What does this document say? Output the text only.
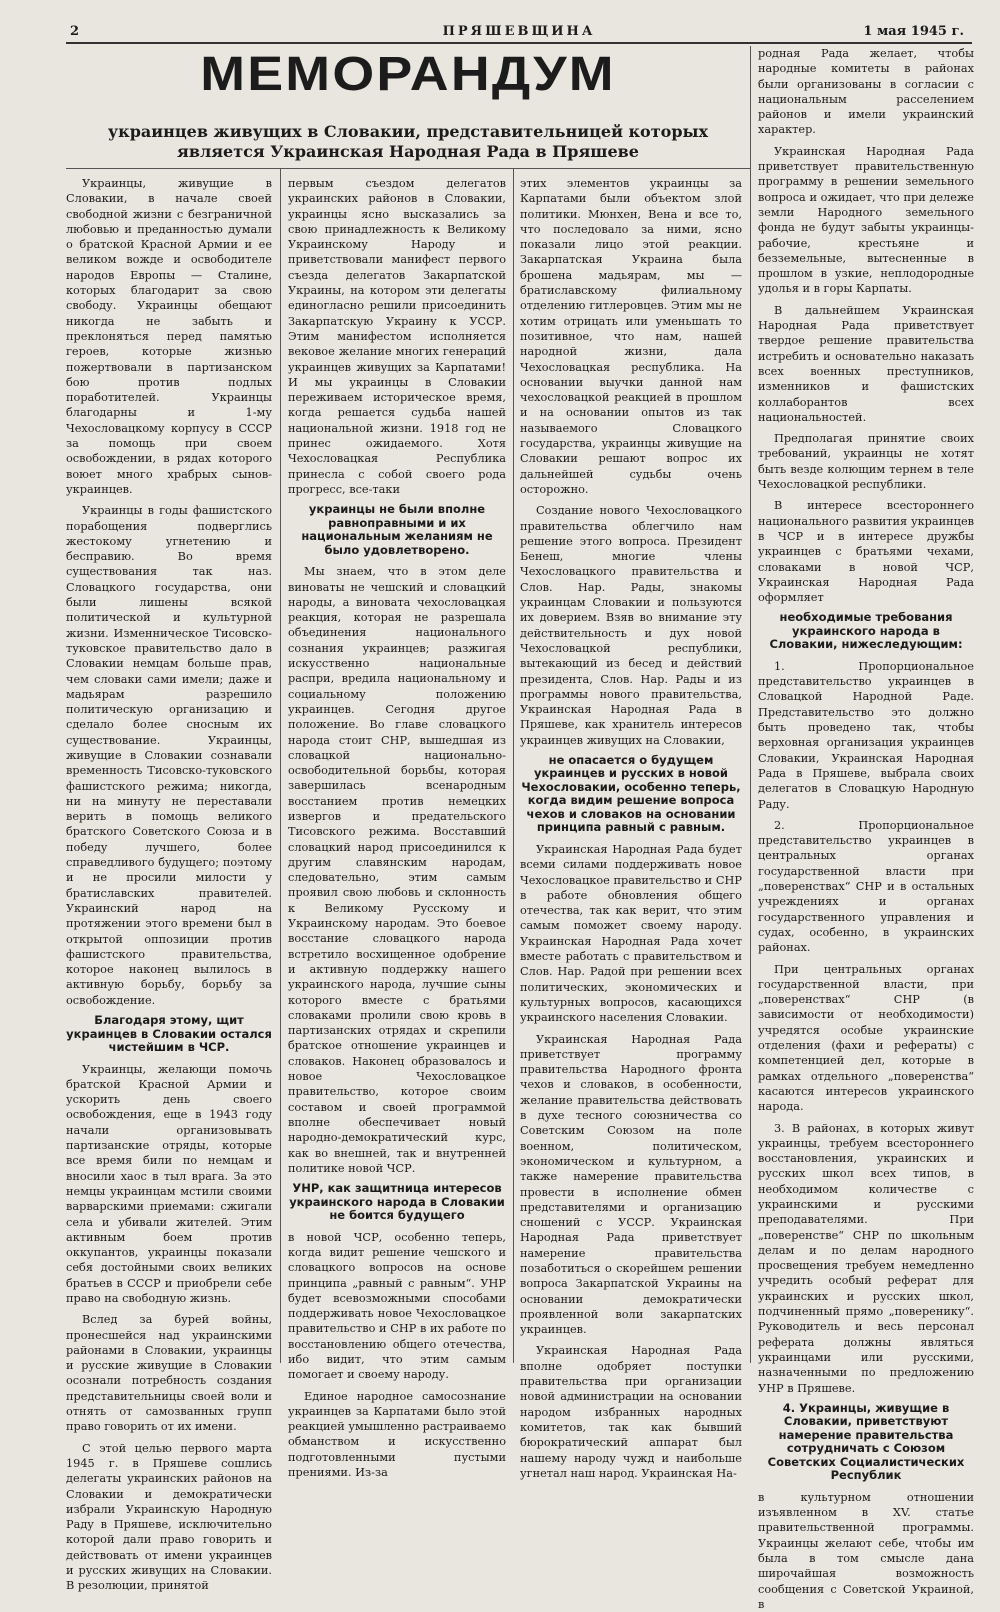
2	ПРЯШЕВЩИНА	1 мая 1945 г.
МЕМОРАНДУМ
украинцев живущих в Словакии, представительницей которых является Украинская Народная Рада в Пряшеве

Украинцы, живущие в Словакии, в начале своей свободной жизни с безграничной любовью и преданностью думали о братской Красной Армии и ее великом вожде и освободителе народов Европы — Сталине, которых благодарит за свою свободу. Украинцы обещают никогда не забыть и преклоняться перед памятью героев, которые жизнью пожертвовали в партизанском бою против подлых поработителей. Украинцы благодарны и 1-му Чехословацкому корпусу в СССР за помощь при своем освобождении, в рядах которого воюет много храбрых сынов-украинцев.

Украинцы в годы фашистского порабощения подверглись жестокому угнетению и бесправию. Во время существования так наз. Словацкого государства, они были лишены всякой политической и культурной жизни. Изменническое Тисовско-туковское правительство дало в Словакии немцам больше прав, чем словаки сами имели; даже и мадьярам разрешило политическую организацию и сделало более сносным их существование. Украинцы, живущие в Словакии сознавали временность Тисовско-туковского фашистского режима; никогда, ни на минуту не переставали верить в помощь великого братского Советского Союза и в победу лучшего, более справедливого будущего; поэтому и не просили милости у братиславских правителей. Украинский народ на протяжении этого времени был в открытой оппозиции против фашистского правительства, которое наконец вылилось в активную борьбу, борьбу за освобождение.

Благодаря этому, щит украинцев в Словакии остался чистейшим в ЧСР.

Украинцы, желающи помочь братской Красной Армии и ускорить день своего освобождения, еще в 1943 году начали организовывать партизанские отряды, которые все время били по немцам и вносили хаос в тыл врага. За это немцы украинцам мстили своими варварскими приемами: сжигали села и убивали жителей. Этим активным боем против оккупантов, украинцы показали себя достойными своих великих братьев в СССР и приобрели себе право на свободную жизнь.

Вслед за бурей войны, пронесшейся над украинскими районами в Словакии, украинцы и русские живущие в Словакии осознали потребность создания представительницы своей воли и отнять от самозванных групп право говорить от их имени.

С этой целью первого марта 1945 г. в Пряшеве сошлись делегаты украинских районов на Словакии и демократически избрали Украинскую Народную Раду в Пряшеве, исключительно которой дали право говорить и действовать от имени украинцев и русских живущих на Словакии. В резолюции, принятой

первым съездом делегатов украинских районов в Словакии, украинцы ясно высказались за свою принадлежность к Великому Украинскому Народу и приветствовали манифест первого съезда делегатов Закарпатской Украины, на котором эти делегаты единогласно решили присоединить Закарпатскую Украину к УССР. Этим манифестом исполняется вековое желание многих генераций украинцев живущих за Карпатами! И мы украинцы в Словакии переживаем историческое время, когда решается судьба нашей национальной жизни. 1918 год не принес ожидаемого. Хотя Чехословацкая Республика принесла с собой своего рода прогресс, все-таки

украинцы не были вполне равноправными и их национальным желаниям не было удовлетворено.

Мы знаем, что в этом деле виноваты не чешский и словацкий народы, а виновата чехословацкая реакция, которая не разрешала объединения национального сознания украинцев; разжигая искусственно национальные распри, вредила национальному и социальному положению украинцев. Сегодня другое положение. Во главе словацкого народа стоит СНР, вышедшая из словацкой национально-освободительной борьбы, которая завершилась всенародным восстанием против немецких извергов и предательского Тисовского режима. Восставший словацкий народ присоединился к другим славянским народам, следовательно, этим самым проявил свою любовь и склонность к Великому Русскому и Украинскому народам. Это боевое восстание словацкого народа встретило восхищенное одобрение и активную поддержку нашего украинского народа, лучшие сыны которого вместе с братьями словаками пролили свою кровь в партизанских отрядах и скрепили братское отношение украинцев и словаков. Наконец образовалось и новое Чехословацкое правительство, которое своим составом и своей программой вполне обеспечивает новый народно-демократический курс, как во внешней, так и внутренней политике новой ЧСР.

УНР, как защитница интересов украинского народа в Словакии не боится будущего

в новой ЧСР, особенно теперь, когда видит решение чешского и словацкого вопросов на основе принципа „равный с равным“. УНР будет всевозможными способами поддерживать новое Чехословацкое правительство и СНР в их работе по восстановлению общего отечества, ибо видит, что этим самым помогает и своему народу.

Единое народное самосознание украинцев за Карпатами было этой реакцией умышленно растраиваемо обманством и искусственно подготовленными пустыми прениями. Из-за

этих элементов украинцы за Карпатами были объектом злой политики. Мюнхен, Вена и все то, что последовало за ними, ясно показали лицо этой реакции. Закарпатская Украина была брошена мадьярам, мы — братиславскому филиальному отделению гитлеровцев. Этим мы не хотим отрицать или уменьшать то позитивное, что нам, нашей народной жизни, дала Чехословацкая республика. На основании выучки данной нам чехословацкой реакцией в прошлом и на основании опытов из так называемого Словацкого государства, украинцы живущие на Словакии решают вопрос их дальнейшей судьбы очень осторожно.

Создание нового Чехословацкого правительства облегчило нам решение этого вопроса. Президент Бенеш, многие члены Чехословацкого правительства и Слов. Нар. Рады, знакомы украинцам Словакии и пользуются их доверием. Взяв во внимание эту действительность и дух новой Чехословацкой республики, вытекающий из бесед и действий президента, Слов. Нар. Рады и из программы нового правительства, Украинская Народная Рада в Пряшеве, как хранитель интересов украинцев живущих на Словакии,

не опасается о будущем украинцев и русских в новой Чехословакии, особенно теперь, когда видим решение вопроса чехов и словаков на основании принципа равный с равным.

Украинская Народная Рада будет всеми силами поддерживать новое Чехословацкое правительство и СНР в работе обновления общего отечества, так как верит, что этим самым поможет своему народу. Украинская Народная Рада хочет вместе работать с правительством и Слов. Нар. Радой при решении всех политических, экономических и культурных вопросов, касающихся украинского населения Словакии.

Украинская Народная Рада приветствует программу правительства Народного фронта чехов и словаков, в особенности, желание правительства действовать в духе тесного союзничества со Советским Союзом на поле военном, политическом, экономическом и культурном, а также намерение правительства провести в исполнение обмен представителями и организацию сношений с УССР. Украинская Народная Рада приветствует намерение правительства позаботиться о скорейшем решении вопроса Закарпатской Украины на основании демократически проявленной воли закарпатских украинцев.

Украинская Народная Рада вполне одобряет поступки правительства при организации новой администрации на основании народом избранных народных комитетов, так как бывший бюрократический аппарат был нашему народу чужд и наибольше угнетал наш народ. Украинская На-

родная Рада желает, чтобы народные комитеты в районах были организованы в согласии с национальным расселением районов и имели украинский характер.

Украинская Народная Рада приветствует правительственную программу в решении земельного вопроса и ожидает, что при дележе земли Народного земельного фонда не будут забыты украинцы-рабочие, крестьяне и безземельные, вытесненные в прошлом в узкие, неплодородные удолья и в горы Карпаты.

В дальнейшем Украинская Народная Рада приветствует твердое решение правительства истребить и основательно наказать всех военных преступников, изменников и фашистских коллаборантов всех национальностей.

Предполагая принятие своих требований, украинцы не хотят быть везде колющим тернем в теле Чехословацкой республики.

В интересе всестороннего национального развития украинцев в ЧСР и в интересе дружбы украинцев с братьями чехами, словаками в новой ЧСР, Украинская Народная Рада оформляет

необходимые требования украинского народа в Словакии, нижеследующим:

1. Пропорциональное представительство украинцев в Словацкой Народной Раде. Представительство это должно быть проведено так, чтобы верховная организация украинцев Словакии, Украинская Народная Рада в Пряшеве, выбрала своих делегатов в Словацкую Народную Раду.

2. Пропорциональное представительство украинцев в центральных органах государственной власти при „поверенствах“ СНР и в остальных учреждениях и органах государственного управления и судах, особенно, в украинских районах.

При центральных органах государственной власти, при „поверенствах“ СНР (в зависимости от необходимости) учредятся особые украинские отделения (фахи и рефераты) с компетенцией дел, которые в рамках отдельного „поверенства“ касаются интересов украинского народа.

3. В районах, в которых живут украинцы, требуем всестороннего восстановления, украинских и русских школ всех типов, в необходимом количестве с украинскими и русскими преподавателями. При „поверенстве“ СНР по школьным делам и по делам народного просвещения требуем немедленно учредить особый реферат для украинских и русских школ, подчиненный прямо „поверенику“. Руководитель и весь персонал реферата должны являться украинцами или русскими, назначенными по предложению УНР в Пряшеве.

4. Украинцы, живущие в Словакии, приветствуют намерение правительства сотрудничать с Союзом Советских Социалистических Республик

в культурном отношении изъявленном в XV. статье правительственной программы. Украинцы желают себе, чтобы им была в том смысле дана широчайшая возможность сообщения с Советской Украиной, в
